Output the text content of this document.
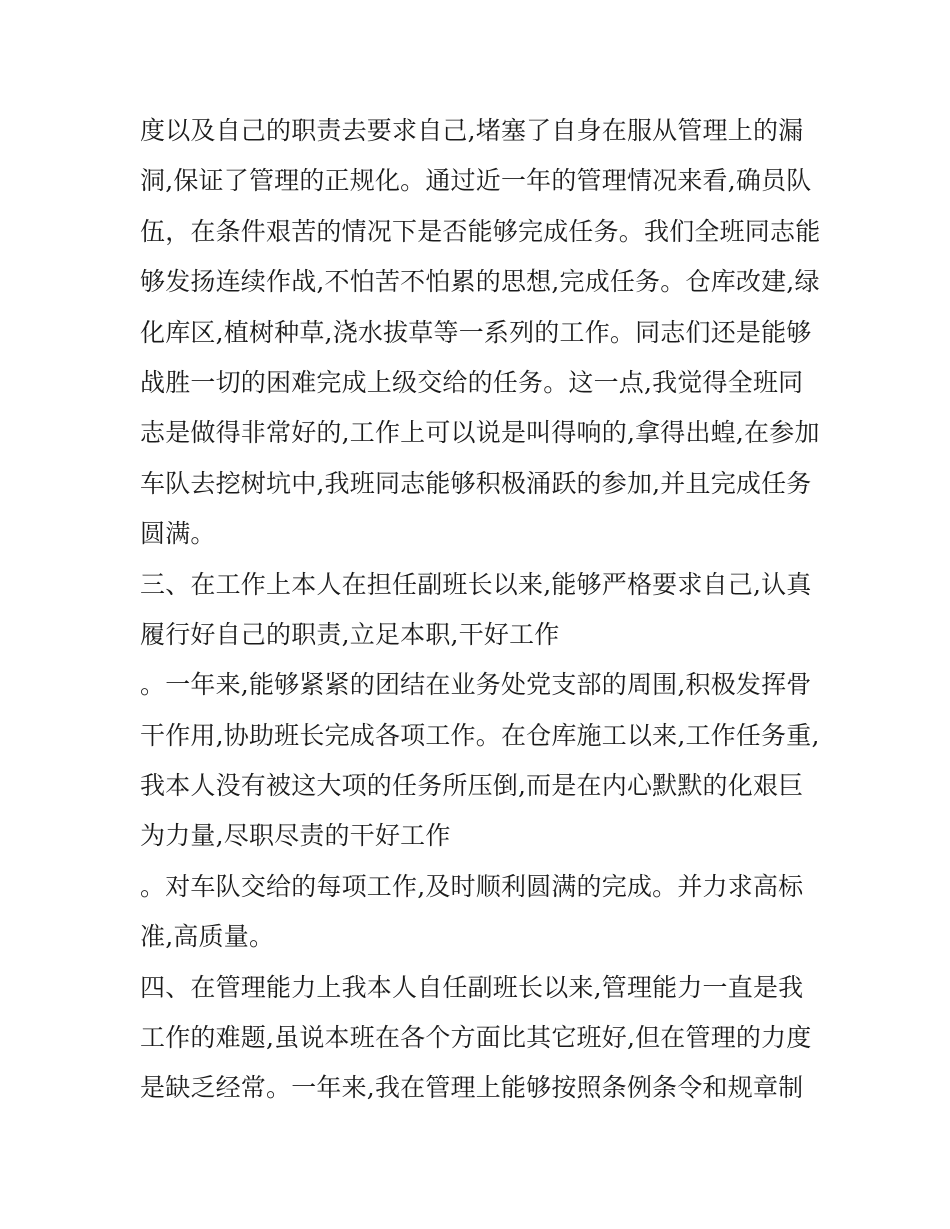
度以及自己的职责去要求自己,堵塞了自身在服从管理上的漏
洞,保证了管理的正规化。通过近一年的管理情况来看,确员队
伍，在条件艰苦的情况下是否能够完成任务。我们全班同志能
够发扬连续作战,不怕苦不怕累的思想,完成任务。仓库改建,绿
化库区,植树种草,浇水拔草等一系列的工作。同志们还是能够
战胜一切的困难完成上级交给的任务。这一点,我觉得全班同
志是做得非常好的,工作上可以说是叫得响的,拿得出蝗,在参加
车队去挖树坑中,我班同志能够积极涌跃的参加,并且完成任务
圆满。
三、在工作上本人在担任副班长以来,能够严格要求自己,认真
履行好自己的职责,立足本职,干好工作
。一年来,能够紧紧的团结在业务处党支部的周围,积极发挥骨
干作用,协助班长完成各项工作。在仓库施工以来,工作任务重,
我本人没有被这大项的任务所压倒,而是在内心默默的化艰巨
为力量,尽职尽责的干好工作
。对车队交给的每项工作,及时顺利圆满的完成。并力求高标
准,高质量。
四、在管理能力上我本人自任副班长以来,管理能力一直是我
工作的难题,虽说本班在各个方面比其它班好,但在管理的力度
是缺乏经常。一年来,我在管理上能够按照条例条令和规章制
